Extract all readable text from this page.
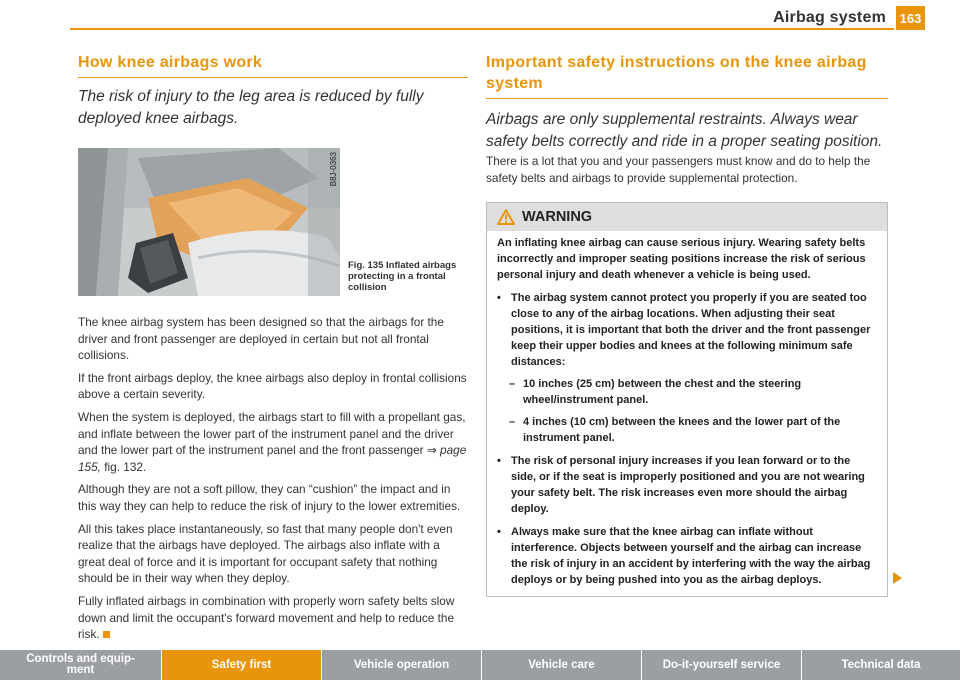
Airbag system 163
How knee airbags work
The risk of injury to the leg area is reduced by fully deployed knee airbags.
B8J-0363
Fig. 135 Inflated airbags protecting in a frontal collision

The knee airbag system has been designed so that the airbags for the driver and front passenger are deployed in certain but not all frontal collisions.

If the front airbags deploy, the knee airbags also deploy in frontal collisions above a certain severity.

When the system is deployed, the airbags start to fill with a propellant gas, and inflate between the lower part of the instrument panel and the driver and the lower part of the instrument panel and the front passenger ⇒ page 155, fig. 132.

Although they are not a soft pillow, they can “cushion” the impact and in this way they can help to reduce the risk of injury to the lower extremities.

All this takes place instantaneously, so fast that many people don't even realize that the airbags have deployed. The airbags also inflate with a great deal of force and it is important for occupant safety that nothing should be in their way when they deploy.

Fully inflated airbags in combination with properly worn safety belts slow down and limit the occupant's forward movement and help to reduce the risk.

Important safety instructions on the knee airbag system
Airbags are only supplemental restraints. Always wear safety belts correctly and ride in a proper seating position.

There is a lot that you and your passengers must know and do to help the safety belts and airbags to provide supplemental protection.

WARNING

An inflating knee airbag can cause serious injury. Wearing safety belts incorrectly and improper seating positions increase the risk of serious personal injury and death whenever a vehicle is being used.

• The airbag system cannot protect you properly if you are seated too close to any of the airbag locations. When adjusting their seat positions, it is important that both the driver and the front passenger keep their upper bodies and knees at the following minimum safe distances:
– 10 inches (25 cm) between the chest and the steering wheel/instrument panel.
– 4 inches (10 cm) between the knees and the lower part of the instrument panel.
• The risk of personal injury increases if you lean forward or to the side, or if the seat is improperly positioned and you are not wearing your safety belt. The risk increases even more should the airbag deploy.
• Always make sure that the knee airbag can inflate without interference. Objects between yourself and the airbag can increase the risk of injury in an accident by interfering with the way the airbag deploys or by being pushed into you as the airbag deploys.
Controls and equip-
ment	Safety first	Vehicle operation	Vehicle care	Do-it-yourself service	Technical data
